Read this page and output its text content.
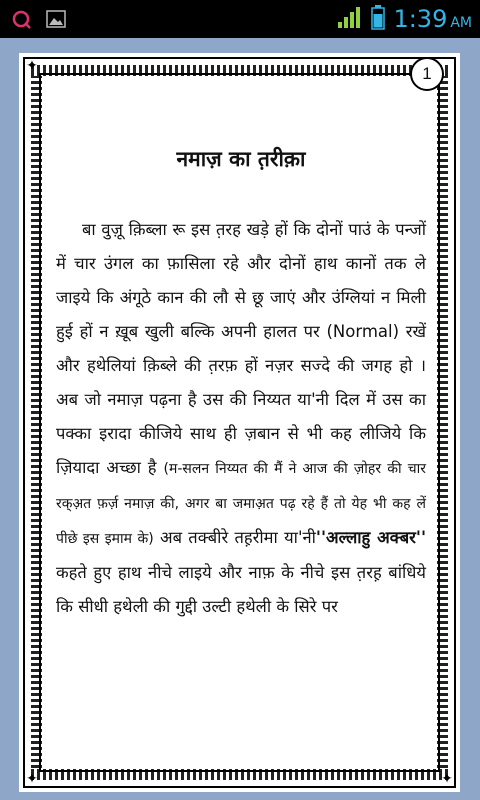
1:39 AM
✦
✦	✦
1
नमाज़ का त़रीक़ा

बा वुज़ू क़िब्ला रू इस त़रह खड़े हों कि दोनों पाउं के पन्जों में चार उंगल का फ़ासिला रहे और दोनों हाथ कानों तक ले जाइये कि अंगूठे कान की लौ से छू जाएं और उंग्लियां न मिली हुई हों न ख़ूब खुली बल्कि अपनी हालत पर (Normal) रखें और हथेलियां क़िब्ले की त़रफ़ हों नज़र सज्दे की जगह हो । अब जो नमाज़ पढ़ना है उस की निय्यत या'नी दिल में उस का पक्का इरादा कीजिये साथ ही ज़बान से भी कह लीजिये कि ज़ियादा अच्छा है (म-सलन निय्यत की मैं ने आज की ज़ोहर की चार रक्अ़त फ़र्ज़ नमाज़ की, अगर बा जमाअ़त पढ़ रहे हैं तो येह भी कह लें पीछे इस इमाम के) अब तक्बीरे तह़रीमा या'नी''अल्लाहु अक्बर'' कहते हुए हाथ नीचे लाइये और नाफ़ के नीचे इस त़रह़ बांधिये कि सीधी हथेली की गुद्दी उल्टी हथेली के सिरे पर
